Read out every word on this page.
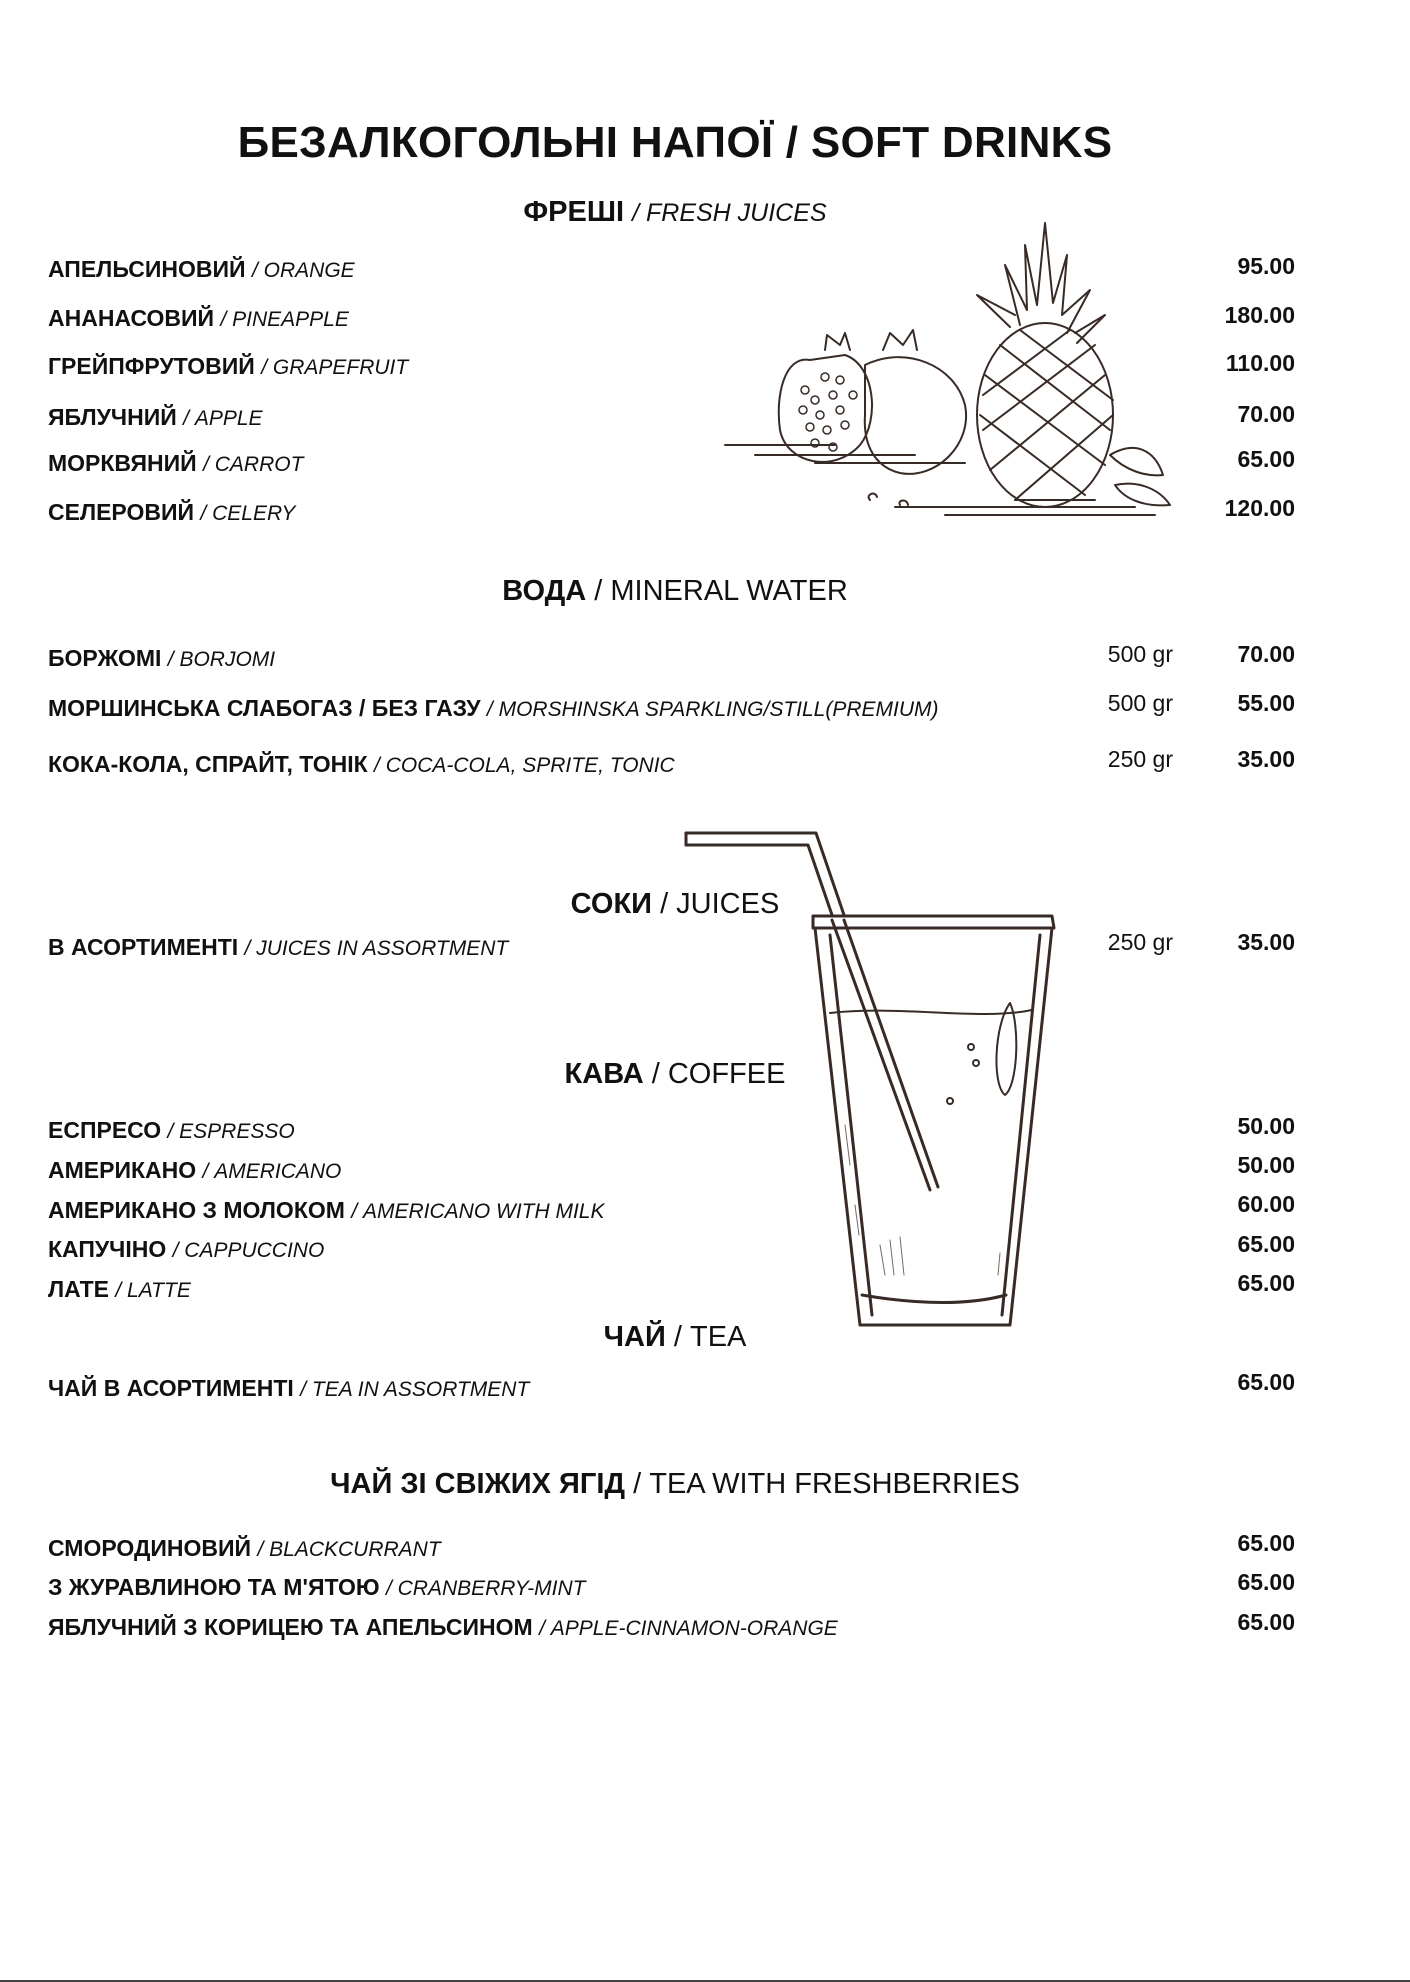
БЕЗАЛКОГОЛЬНІ НАПОЇ / SOFT DRINKS
ФРЕШІ / FRESH JUICES
АПЕЛЬСИНОВИЙ / ORANGE	95.00
АНАНАСОВИЙ / PINEAPPLE	180.00
ГРЕЙПФРУТОВИЙ / GRAPEFRUIT	110.00
ЯБЛУЧНИЙ / APPLE	70.00
МОРКВЯНИЙ / CARROT	65.00
СЕЛЕРОВИЙ / CELERY	120.00
ВОДА / MINERAL WATER
БОРЖОМІ / BORJOMI	500 gr	70.00
МОРШИНСЬКА СЛАБОГАЗ / БЕЗ ГАЗУ / MORSHINSKA SPARKLING/STILL(PREMIUM)	500 gr	55.00
КОКА-КОЛА, СПРАЙТ, ТОНІК / COCA-COLA, SPRITE, TONIC	250 gr	35.00
СОКИ / JUICES
В АСОРТИМЕНТІ / JUICES IN ASSORTMENT	250 gr	35.00
КАВА / COFFEE
ЕСПРЕСО / ESPRESSO	50.00
АМЕРИКАНО / AMERICANO	50.00
АМЕРИКАНО З МОЛОКОМ / AMERICANO WITH MILK	60.00
КАПУЧІНО / CAPPUCCINO	65.00
ЛАТЕ / LATTE	65.00
ЧАЙ / TEA
ЧАЙ В АСОРТИМЕНТІ / TEA IN ASSORTMENT	65.00
ЧАЙ ЗІ СВІЖИХ ЯГІД / TEA WITH FRESHBERRIES
СМОРОДИНОВИЙ / BLACKCURRANT	65.00
З ЖУРАВЛИНОЮ ТА М'ЯТОЮ / CRANBERRY-MINT	65.00
ЯБЛУЧНИЙ З КОРИЦЕЮ ТА АПЕЛЬСИНОМ / APPLE-CINNAMON-ORANGE	65.00
